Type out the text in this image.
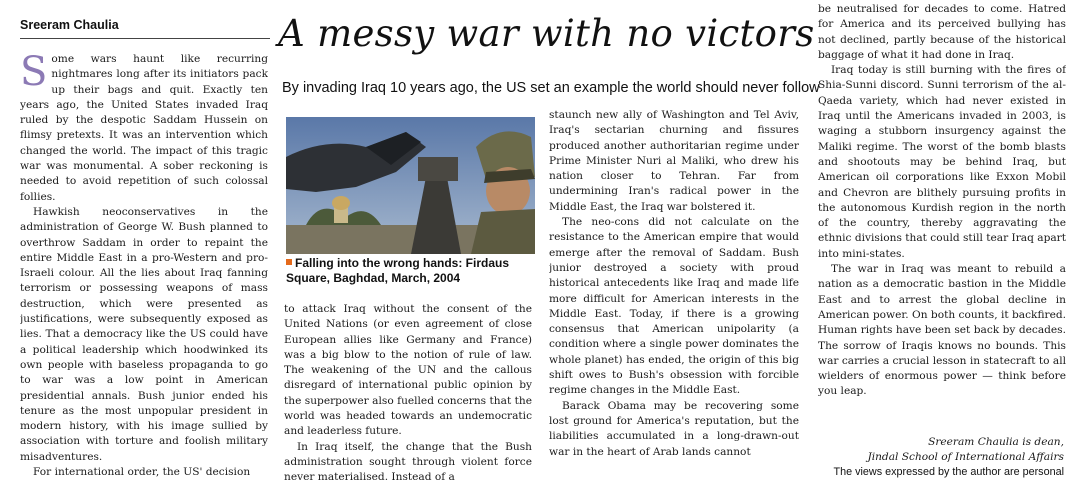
Sreeram Chaulia	A messy war with no victors
By invading Iraq 10 years ago, the US set an example the world should never follow

Some wars haunt like recurring nightmares long after its initiators pack up their bags and quit. Exactly ten years ago, the United States invaded Iraq ruled by the despotic Saddam Hussein on flimsy pretexts. It was an intervention which changed the world. The impact of this tragic war was monumental. A sober reckoning is needed to avoid repetition of such colossal follies.

Hawkish neoconservatives in the administration of George W. Bush planned to overthrow Saddam in order to repaint the entire Middle East in a pro-Western and pro-Israeli colour. All the lies about Iraq fanning terrorism or possessing weapons of mass destruction, which were presented as justifications, were subsequently exposed as lies. That a democracy like the US could have a political leadership which hoodwinked its own people with baseless propaganda to go to war was a low point in American presidential annals. Bush junior ended his tenure as the most unpopular president in modern history, with his image sullied by association with torture and foolish military misadventures.

For international order, the US' decision

Falling into the wrong hands: Firdaus Square, Baghdad, March, 2004

to attack Iraq without the consent of the United Nations (or even agreement of close European allies like Germany and France) was a big blow to the notion of rule of law. The weakening of the UN and the callous disregard of international public opinion by the superpower also fuelled concerns that the world was headed towards an undemocratic and leaderless future.

In Iraq itself, the change that the Bush administration sought through violent force never materialised. Instead of a

staunch new ally of Washington and Tel Aviv, Iraq's sectarian churning and fissures produced another authoritarian regime under Prime Minister Nuri al Maliki, who drew his nation closer to Tehran. Far from undermining Iran's radical power in the Middle East, the Iraq war bolstered it.

The neo-cons did not calculate on the resistance to the American empire that would emerge after the removal of Saddam. Bush junior destroyed a society with proud historical antecedents like Iraq and made life more difficult for American interests in the Middle East. Today, if there is a growing consensus that American unipolarity (a condition where a single power dominates the whole planet) has ended, the origin of this big shift owes to Bush's obsession with forcible regime changes in the Middle East.

Barack Obama may be recovering some lost ground for America's reputation, but the liabilities accumulated in a long-drawn-out war in the heart of Arab lands cannot

be neutralised for decades to come. Hatred for America and its perceived bullying has not declined, partly because of the historical baggage of what it had done in Iraq.

Iraq today is still burning with the fires of Shia-Sunni discord. Sunni terrorism of the al-Qaeda variety, which had never existed in Iraq until the Americans invaded in 2003, is waging a stubborn insurgency against the Maliki regime. The worst of the bomb blasts and shootouts may be behind Iraq, but American oil corporations like Exxon Mobil and Chevron are blithely pursuing profits in the autonomous Kurdish region in the north of the country, thereby aggravating the ethnic divisions that could still tear Iraq apart into mini-states.

The war in Iraq was meant to rebuild a nation as a democratic bastion in the Middle East and to arrest the global decline in American power. On both counts, it backfired. Human rights have been set back by decades. The sorrow of Iraqis knows no bounds. This war carries a crucial lesson in statecraft to all wielders of enormous power — think before you leap.

Sreeram Chaulia is dean,
Jindal School of International Affairs
The views expressed by the author are personal
